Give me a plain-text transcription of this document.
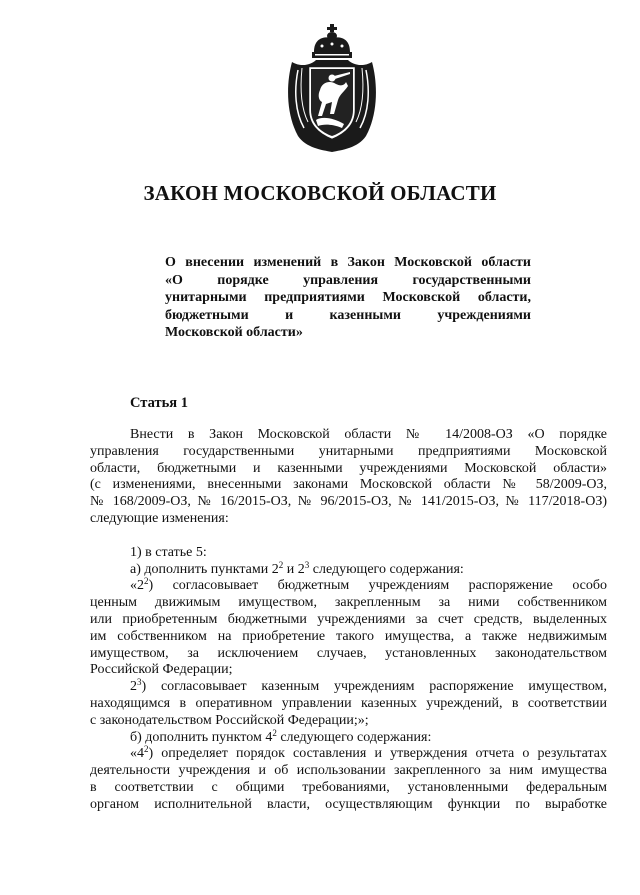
ЗАКОН МОСКОВСКОЙ ОБЛАСТИ
О внесении изменений в Закон Московской области
«О порядке управления государственными
унитарными предприятиями Московской области,
бюджетными и казенными учреждениями
Московской области»
Статья 1
Внести в Закон Московской области № 14/2008-ОЗ «О порядке
управления государственными унитарными предприятиями Московской
области, бюджетными и казенными учреждениями Московской области»
(с изменениями, внесенными законами Московской области № 58/2009-ОЗ,
№ 168/2009-ОЗ, № 16/2015-ОЗ, № 96/2015-ОЗ, № 141/2015-ОЗ, № 117/2018-ОЗ)
следующие изменения:
1) в статье 5:
а) дополнить пунктами $2^2$ и $2^3$ следующего содержания:
«$2^2$) согласовывает бюджетным учреждениям распоряжение особо
ценным движимым имуществом, закрепленным за ними собственником
или приобретенным бюджетными учреждениями за счет средств, выделенных
им собственником на приобретение такого имущества, а также недвижимым
имуществом, за исключением случаев, установленных законодательством
Российской Федерации;
$2^3$) согласовывает казенным учреждениям распоряжение имуществом,
находящимся в оперативном управлении казенных учреждений, в соответствии
с законодательством Российской Федерации;»;
б) дополнить пунктом $4^2$ следующего содержания:
«$4^2$) определяет порядок составления и утверждения отчета о результатах
деятельности учреждения и об использовании закрепленного за ним имущества
в соответствии с общими требованиями, установленными федеральным
органом исполнительной власти, осуществляющим функции по выработке
